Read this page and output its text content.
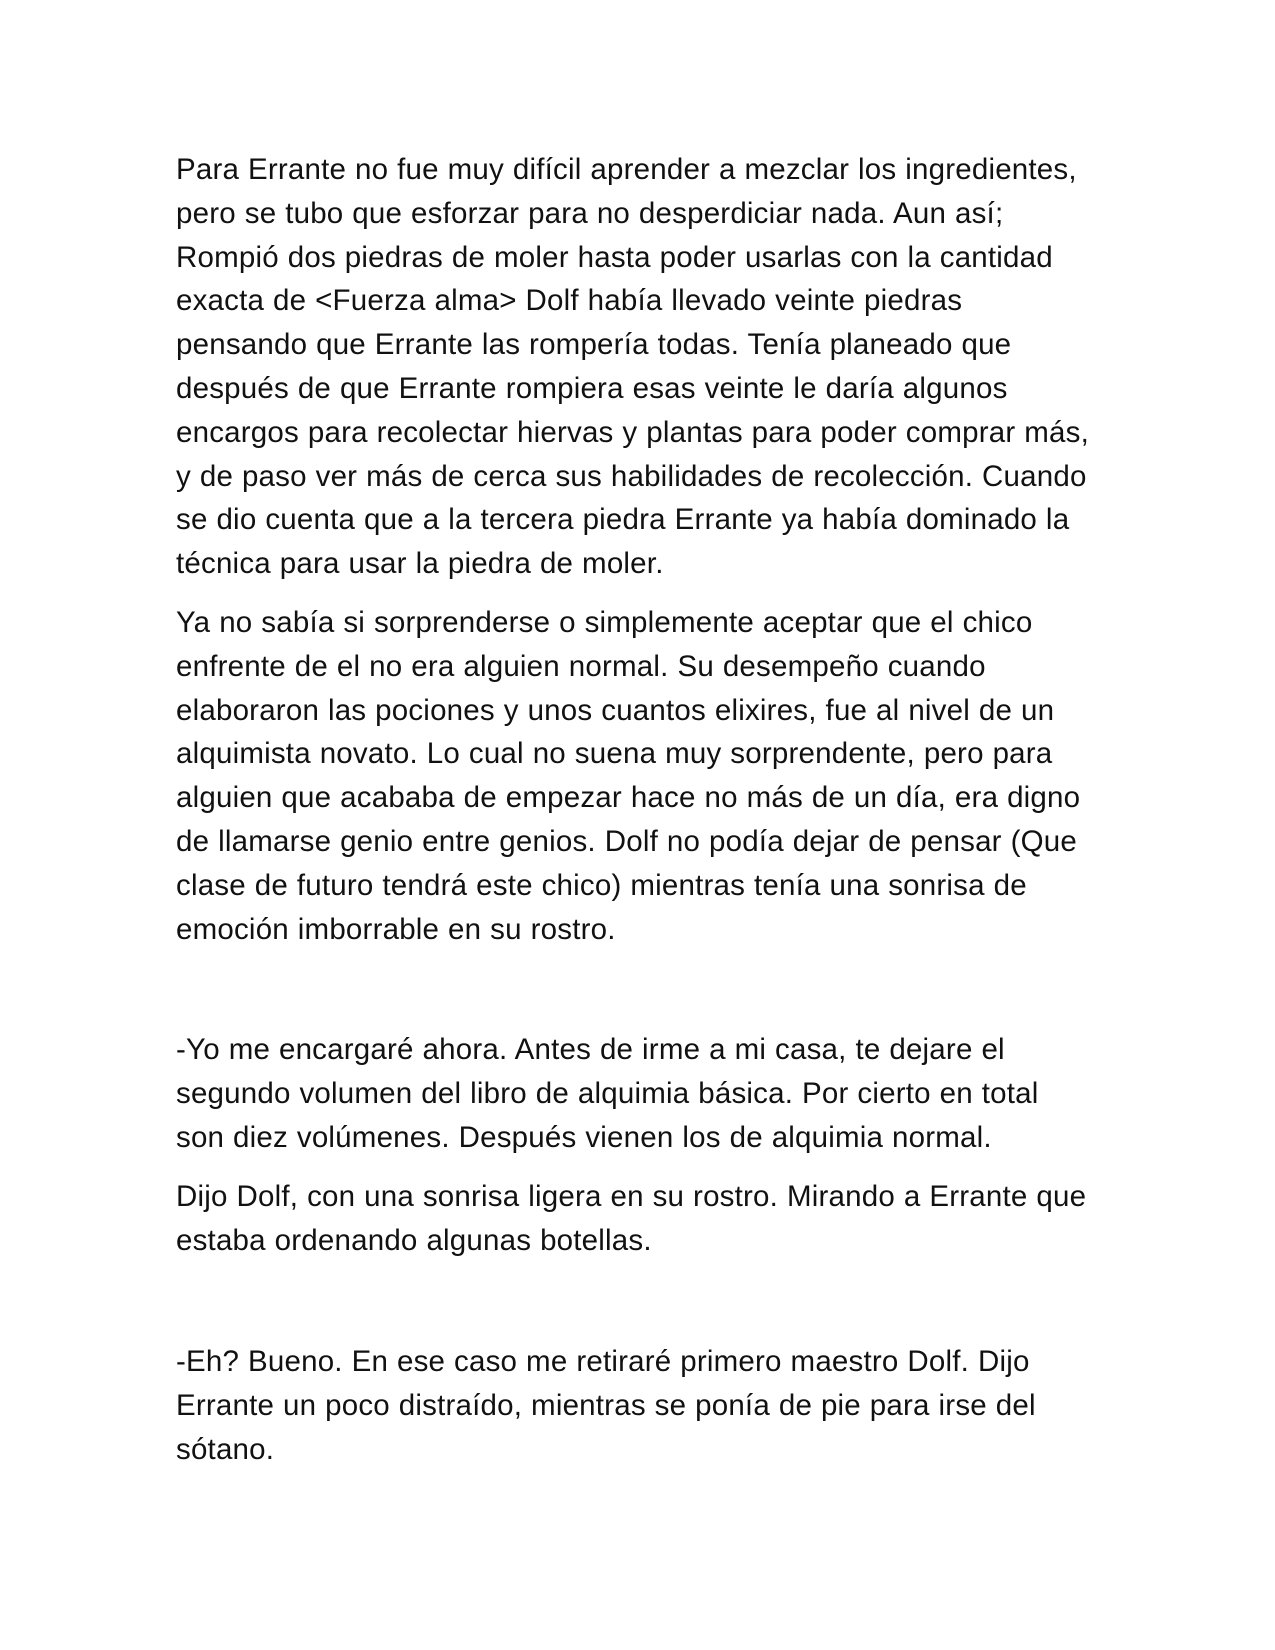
Para Errante no fue muy difícil aprender a mezclar los ingredientes,
pero se tubo que esforzar para no desperdiciar nada. Aun así;
Rompió dos piedras de moler hasta poder usarlas con la cantidad
exacta de <Fuerza alma> Dolf había llevado veinte piedras
pensando que Errante las rompería todas. Tenía planeado que
después de que Errante rompiera esas veinte le daría algunos
encargos para recolectar hiervas y plantas para poder comprar más,
y de paso ver más de cerca sus habilidades de recolección. Cuando
se dio cuenta que a la tercera piedra Errante ya había dominado la
técnica para usar la piedra de moler.
Ya no sabía si sorprenderse o simplemente aceptar que el chico
enfrente de el no era alguien normal. Su desempeño cuando
elaboraron las pociones y unos cuantos elixires, fue al nivel de un
alquimista novato. Lo cual no suena muy sorprendente, pero para
alguien que acababa de empezar hace no más de un día, era digno
de llamarse genio entre genios. Dolf no podía dejar de pensar (Que
clase de futuro tendrá este chico) mientras tenía una sonrisa de
emoción imborrable en su rostro.
-Yo me encargaré ahora. Antes de irme a mi casa, te dejare el
segundo volumen del libro de alquimia básica. Por cierto en total
son diez volúmenes. Después vienen los de alquimia normal.
Dijo Dolf, con una sonrisa ligera en su rostro. Mirando a Errante que
estaba ordenando algunas botellas.
-Eh? Bueno. En ese caso me retiraré primero maestro Dolf. Dijo
Errante un poco distraído, mientras se ponía de pie para irse del
sótano.
